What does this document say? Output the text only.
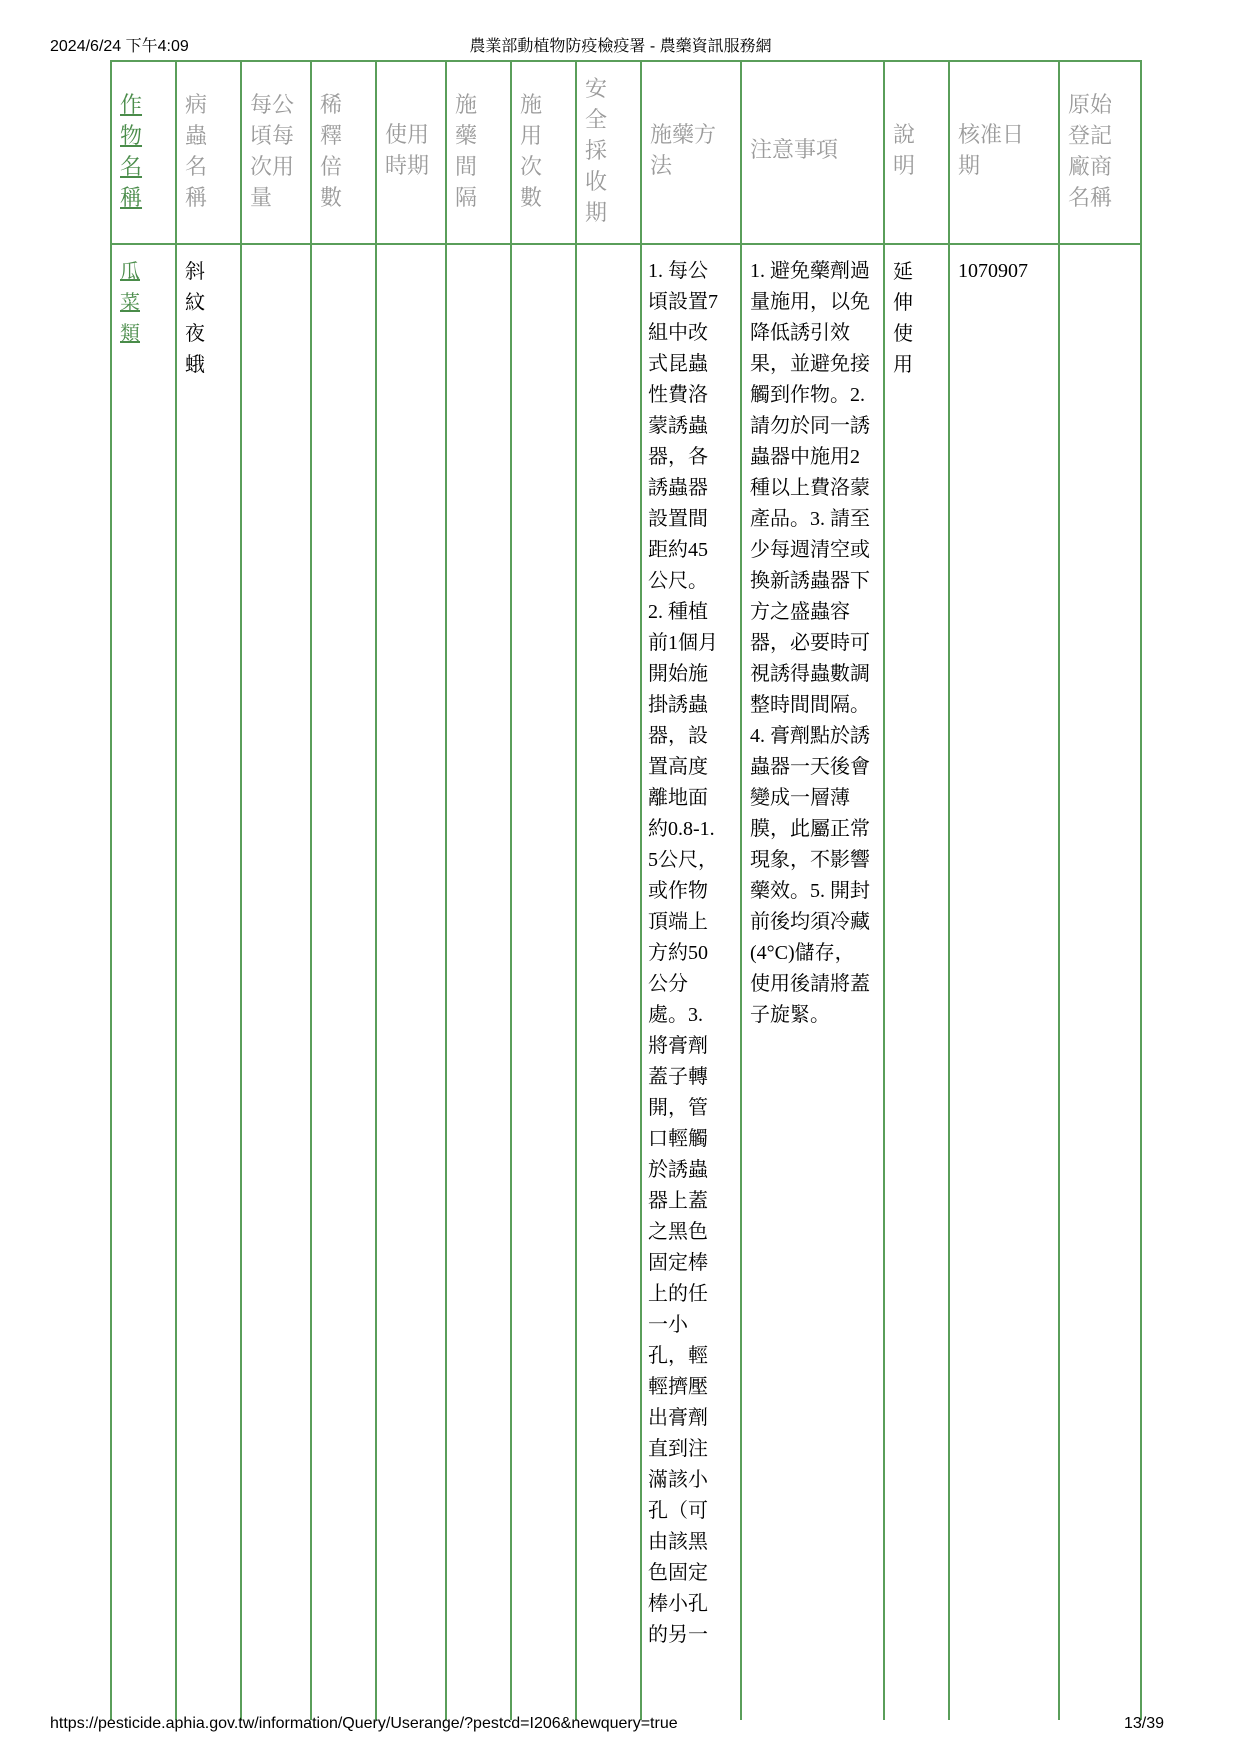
2024/6/24 下午4:09	農業部動植物防疫檢疫署 - 農藥資訊服務網
作物名稱
病蟲名稱
每公頃每次用量
稀釋倍數
使用時期
施藥間隔
施用次數
安全採收期
施藥方法
注意事項
說明
核准日期
原始登記廠商名稱
瓜菜類
斜紋夜蛾
1. 每公頃設置7組中改式昆蟲性費洛蒙誘蟲器，各誘蟲器設置間距約45公尺。2. 種植前1個月開始施掛誘蟲器，設置高度離地面約0.8-1.5公尺，或作物頂端上方約50公分處。3. 將膏劑蓋子轉開，管口輕觸於誘蟲器上蓋之黑色固定棒上的任一小孔，輕輕擠壓出膏劑直到注滿該小孔（可由該黑色固定棒小孔的另一
1. 避免藥劑過量施用，以免降低誘引效果，並避免接觸到作物。2. 請勿於同一誘蟲器中施用2種以上費洛蒙產品。3. 請至少每週清空或換新誘蟲器下方之盛蟲容器，必要時可視誘得蟲數調整時間間隔。4. 膏劑點於誘蟲器一天後會變成一層薄膜，此屬正常現象，不影響藥效。5. 開封前後均須冷藏(4°C)儲存，使用後請將蓋子旋緊。
延伸使用
1070907
https://pesticide.aphia.gov.tw/information/Query/Userange/?pestcd=I206&newquery=true	13/39
